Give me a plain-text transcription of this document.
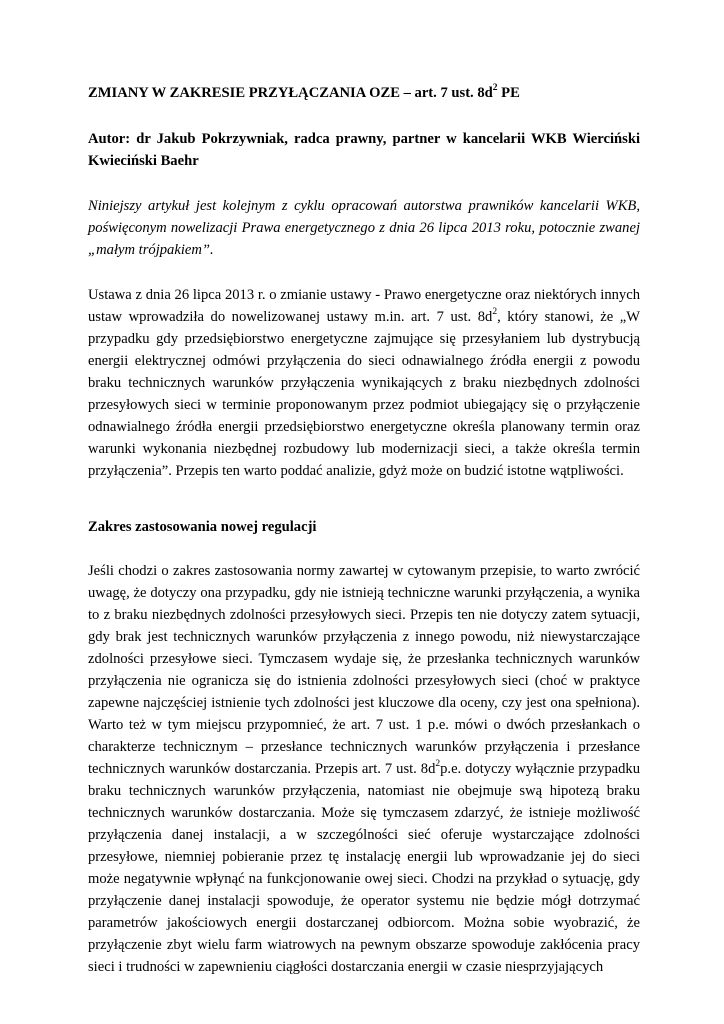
ZMIANY W ZAKRESIE PRZYŁĄCZANIA OZE – art. 7 ust. $8d^2$ PE

Autor: dr Jakub Pokrzywniak, radca prawny, partner w kancelarii WKB Wierciński Kwieciński Baehr

Niniejszy artykuł jest kolejnym z cyklu opracowań autorstwa prawników kancelarii WKB, poświęconym nowelizacji Prawa energetycznego z dnia 26 lipca 2013 roku, potocznie zwanej „małym trójpakiem”.

Ustawa z dnia 26 lipca 2013 r. o zmianie ustawy - Prawo energetyczne oraz niektórych innych ustaw wprowadziła do nowelizowanej ustawy m.in. art. 7 ust. $8d^2$, który stanowi, że „W przypadku gdy przedsiębiorstwo energetyczne zajmujące się przesyłaniem lub dystrybucją energii elektrycznej odmówi przyłączenia do sieci odnawialnego źródła energii z powodu braku technicznych warunków przyłączenia wynikających z braku niezbędnych zdolności przesyłowych sieci w terminie proponowanym przez podmiot ubiegający się o przyłączenie odnawialnego źródła energii przedsiębiorstwo energetyczne określa planowany termin oraz warunki wykonania niezbędnej rozbudowy lub modernizacji sieci, a także określa termin przyłączenia”. Przepis ten warto poddać analizie, gdyż może on budzić istotne wątpliwości.

Zakres zastosowania nowej regulacji

Jeśli chodzi o zakres zastosowania normy zawartej w cytowanym przepisie, to warto zwrócić uwagę, że dotyczy ona przypadku, gdy nie istnieją techniczne warunki przyłączenia, a wynika to z braku niezbędnych zdolności przesyłowych sieci. Przepis ten nie dotyczy zatem sytuacji, gdy brak jest technicznych warunków przyłączenia z innego powodu, niż niewystarczające zdolności przesyłowe sieci. Tymczasem wydaje się, że przesłanka technicznych warunków przyłączenia nie ogranicza się do istnienia zdolności przesyłowych sieci (choć w praktyce zapewne najczęściej istnienie tych zdolności jest kluczowe dla oceny, czy jest ona spełniona). Warto też w tym miejscu przypomnieć, że art. 7 ust. 1 p.e. mówi o dwóch przesłankach o charakterze technicznym – przesłance technicznych warunków przyłączenia i przesłance technicznych warunków dostarczania. Przepis art. 7 ust. $8d^2p.e$. dotyczy wyłącznie przypadku braku technicznych warunków przyłączenia, natomiast nie obejmuje swą hipotezą braku technicznych warunków dostarczania. Może się tymczasem zdarzyć, że istnieje możliwość przyłączenia danej instalacji, a w szczególności sieć oferuje wystarczające zdolności przesyłowe, niemniej pobieranie przez tę instalację energii lub wprowadzanie jej do sieci może negatywnie wpłynąć na funkcjonowanie owej sieci. Chodzi na przykład o sytuację, gdy przyłączenie danej instalacji spowoduje, że operator systemu nie będzie mógł dotrzymać parametrów jakościowych energii dostarczanej odbiorcom. Można sobie wyobrazić, że przyłączenie zbyt wielu farm wiatrowych na pewnym obszarze spowoduje zakłócenia pracy sieci i trudności w zapewnieniu ciągłości dostarczania energii w czasie niesprzyjających
